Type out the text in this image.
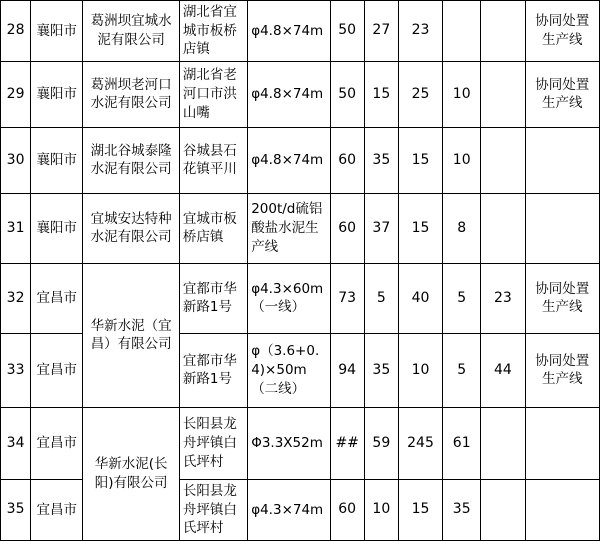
28	襄阳市	葛洲坝宜城水泥有限公司	湖北省宜城市板桥店镇	φ4.8×74m	50	27	23			协同处置生产线
29	襄阳市	葛洲坝老河口水泥有限公司	湖北省老河口市洪山嘴	φ4.8×74m	50	15	25	10		协同处置生产线
30	襄阳市	湖北谷城泰隆水泥有限公司	谷城县石花镇平川	φ4.8×74m	60	35	15	10		
31	襄阳市	宜城安达特种水泥有限公司	宜城市板桥店镇	200t/d硫铝酸盐水泥生产线	60	37	15	8		
32	宜昌市	华新水泥（宜昌）有限公司	宜都市华新路1号	φ4.3×60m（一线）	73	5	40	5	23	协同处置生产线
33	宜昌市		宜都市华新路1号	φ（3.6+0.4)×50m（二线）	94	35	10	5	44	协同处置生产线
34	宜昌市	华新水泥(长阳)有限公司	长阳县龙舟坪镇白氏坪村	Φ3.3X52m	##	59	245	61		
35	宜昌市		长阳县龙舟坪镇白氏坪村	φ4.3×74m	60	10	15	35		
